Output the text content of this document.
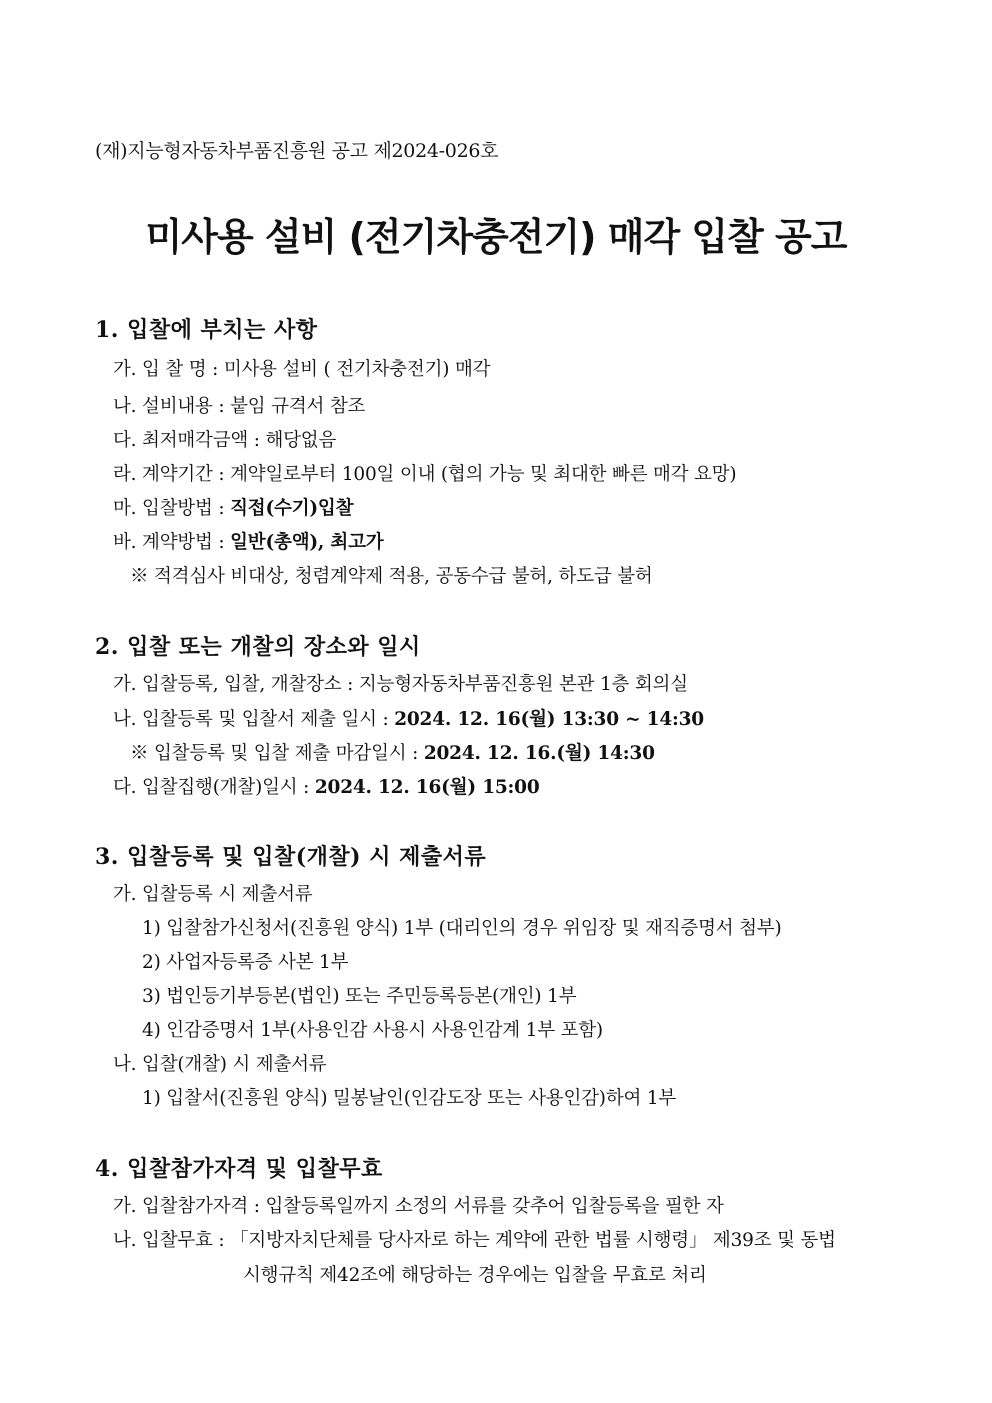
(재)지능형자동차부품진흥원 공고 제2024-026호
미사용 설비 (전기차충전기) 매각 입찰 공고
1. 입찰에 부치는 사항
가. 입 찰 명 : 미사용 설비 ( 전기차충전기) 매각
나. 설비내용 : 붙임 규격서 참조
다. 최저매각금액 : 해당없음
라. 계약기간 : 계약일로부터 100일 이내 (협의 가능 및 최대한 빠른 매각 요망)
마. 입찰방법 : 직접(수기)입찰
바. 계약방법 : 일반(총액), 최고가
※ 적격심사 비대상, 청렴계약제 적용, 공동수급 불허, 하도급 불허
2. 입찰 또는 개찰의 장소와 일시
가. 입찰등록, 입찰, 개찰장소 : 지능형자동차부품진흥원 본관 1층 회의실
나. 입찰등록 및 입찰서 제출 일시 : 2024. 12. 16(월) 13:30 ~ 14:30
※ 입찰등록 및 입찰 제출 마감일시 : 2024. 12. 16.(월) 14:30
다. 입찰집행(개찰)일시 : 2024. 12. 16(월) 15:00
3. 입찰등록 및 입찰(개찰) 시 제출서류
가. 입찰등록 시 제출서류
1) 입찰참가신청서(진흥원 양식) 1부 (대리인의 경우 위임장 및 재직증명서 첨부)
2) 사업자등록증 사본 1부
3) 법인등기부등본(법인) 또는 주민등록등본(개인) 1부
4) 인감증명서 1부(사용인감 사용시 사용인감계 1부 포함)
나. 입찰(개찰) 시 제출서류
1) 입찰서(진흥원 양식) 밀봉날인(인감도장 또는 사용인감)하여 1부
4. 입찰참가자격 및 입찰무효
가. 입찰참가자격 : 입찰등록일까지 소정의 서류를 갖추어 입찰등록을 필한 자
나. 입찰무효 : 「지방자치단체를 당사자로 하는 계약에 관한 법률 시행령」 제39조 및 동법
시행규칙 제42조에 해당하는 경우에는 입찰을 무효로 처리
